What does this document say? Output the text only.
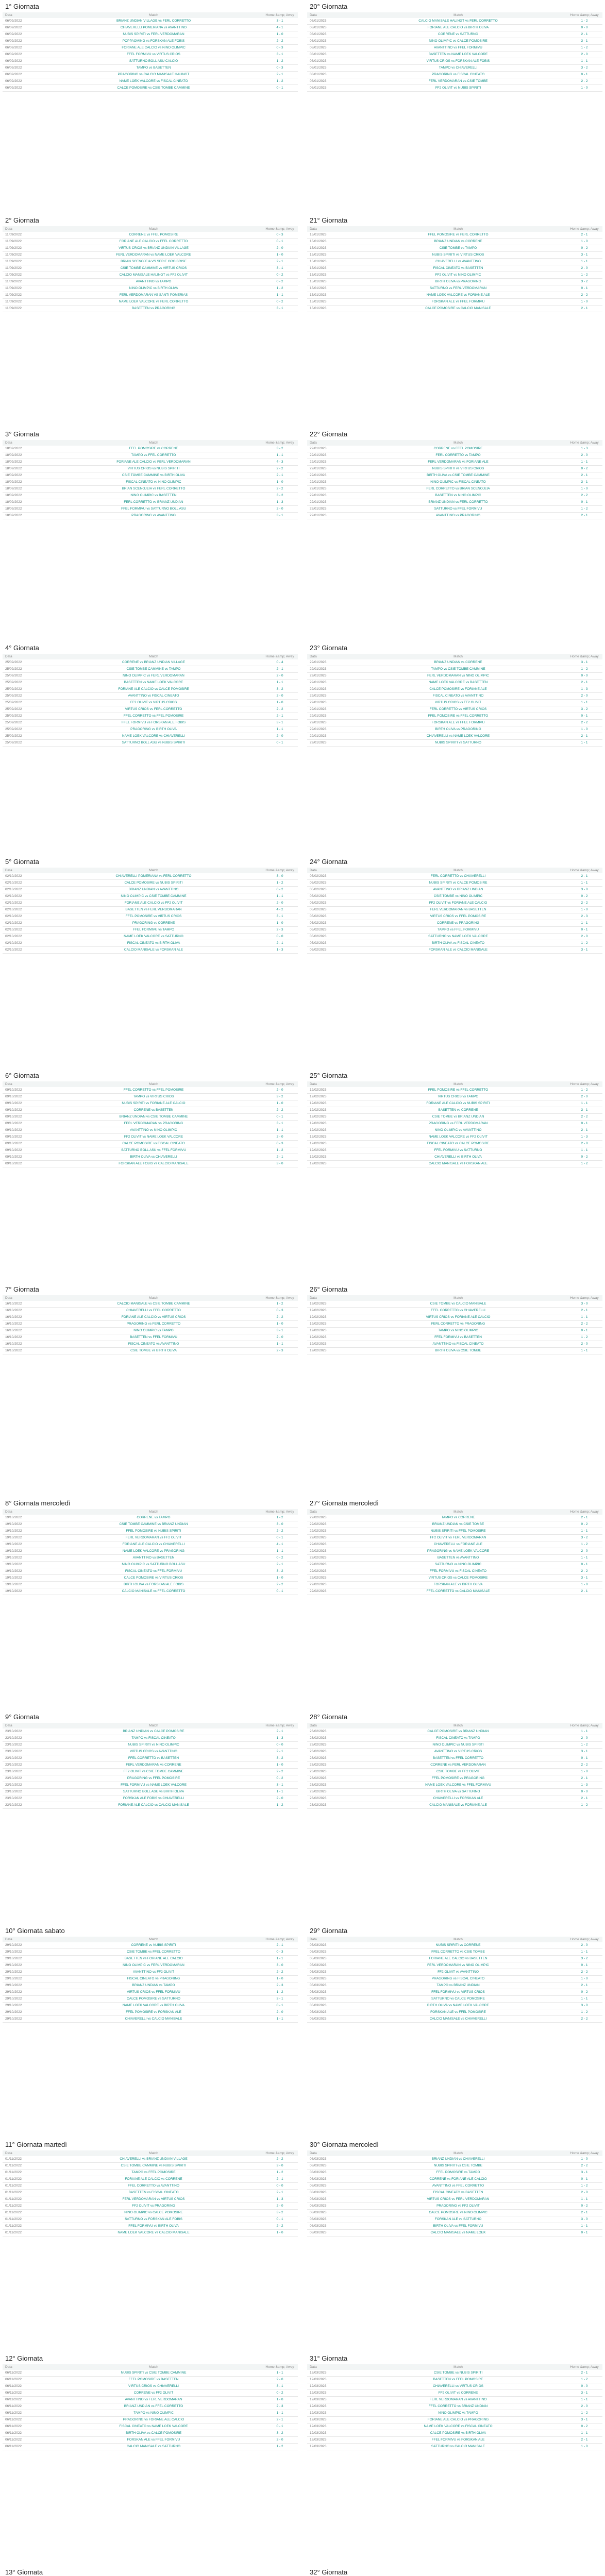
1° Giornata
Data	Match	Home &amp; Away
06/09/2022	BRIANZ UNDIAN VILLAGE vs FERL CORRETTO	3 - 1
06/09/2022	CHIAVERELLI POMERIANA vs AVANTTINO	4 - 1
06/09/2022	NUBIS SPIRITI vs FERL VERDOMARAN	1 - 0
06/09/2022	POPPAOMING vs FORSKAN ALE FOBIS	2 - 2
06/09/2022	FORIANE ALE CALCIO vs NINO OLIMPIC	0 - 3
06/09/2022	FFEL FORMIVU vs VIRTUS CRIOS	3 - 1
06/09/2022	SATTURNO BOLL ASU CALCIO	1 - 2
06/09/2022	TAMPO vs BASETTEN	0 - 3
06/09/2022	PRAGORING vs CALCIO MANISALE HALINGT	2 - 1
06/09/2022	NAME LOEK VALCORE vs FISCAL CINEATO	1 - 2
06/09/2022	CALCE POMOSIRE vs CSIE TOMBE CAMMINE	0 - 1
2° Giornata
Data	Match	Home &amp; Away
11/09/2022	CORRENE vs FFEL POMOSIRE	0 - 3
11/09/2022	FORIANE ALE CALCIO vs FFEL CORRETTO	0 - 1
11/09/2022	VIRTUS CRIOS vs BRIANZ UNDIAN VILLAGE	2 - 0
11/09/2022	FERL VERDOMARAN vs NAME LOEK VALCORE	1 - 0
11/09/2022	BRIAN SCENOJEIA VS SERIE ORO BRISE	2 - 1
11/09/2022	CSIE TOMBE CAMMINE vs VIRTUS CRIOS	3 - 1
11/09/2022	CALCIO MANISALE HALINGT vs FF2 OLIVIT	0 - 2
11/09/2022	AVANTTINO vs TAMPO	0 - 2
11/09/2022	NINO OLIMPIC vs BIRTH OLIVA	1 - 2
11/09/2022	FERL VERDOMARAN VS SANTI POMERIAS	1 - 1
11/09/2022	NAME LOEK VALCORE vs FERL CORRETTO	0 - 2
11/09/2022	BASETTEN vs PRAGORING	3 - 1
3° Giornata
Data	Match	Home &amp; Away
18/09/2022	FFEL POMOSIRE vs CORRENE	3 - 2
18/09/2022	TAMPO vs FFEL CORRETTO	1 - 1
18/09/2022	FORIANE ALE CALCIO vs FERL VERDOMARAN	4 - 3
18/09/2022	VIRTUS CRIOS vs NUBIS SPIRITI	2 - 2
18/09/2022	CSIE TOMBE CAMMINE vs BIRTH OLIVA	2 - 1
18/09/2022	FISCAL CINEATO vs NINO OLIMPIC	1 - 0
18/09/2022	BRIAN SCENOJEIA vs FERL CORRETTO	2 - 2
18/09/2022	NINO OLIMPIC vs BASETTEN	3 - 2
18/09/2022	FERL CORRETTO vs BRIANZ UNDIAN	1 - 3
18/09/2022	FFEL FORMIVU vs SATTURNO BOLL ASU	2 - 0
18/09/2022	PRAGORING vs AVANTTINO	3 - 1
4° Giornata
Data	Match	Home &amp; Away
25/09/2022	CORRENE vs BRIANZ UNDIAN VILLAGE	0 - 4
25/09/2022	CSIE TOMBE CAMMINE vs TAMPO	2 - 1
25/09/2022	NINO OLIMPIC vs FERL VERDOMARAN	2 - 0
25/09/2022	BASETTEN vs NAME LOEK VALCORE	1 - 1
25/09/2022	FORIANE ALE CALCIO vs CALCE POMOSIRE	3 - 2
25/09/2022	AVANTTINO vs FISCAL CINEATO	2 - 0
25/09/2022	FF2 OLIVIT vs VIRTUS CRIOS	1 - 0
25/09/2022	VIRTUS CRIOS vs FERL CORRETTO	2 - 2
25/09/2022	FFEL CORRETTO vs FFEL POMOSIRE	2 - 1
25/09/2022	FFEL FORMIVU vs FORSKAN ALE FOBIS	3 - 1
25/09/2022	PRAGORING vs BIRTH OLIVA	1 - 1
25/09/2022	NAME LOEK VALCORE vs CHIAVERELLI	2 - 0
25/09/2022	SATTURNO BOLL ASU vs NUBIS SPIRITI	0 - 1
5° Giornata
Data	Match	Home &amp; Away
02/10/2022	CHIAVERELLI POMERIANA vs FERL CORRETTO	3 - 0
02/10/2022	CALCE POMOSIRE vs NUBIS SPIRITI	1 - 2
02/10/2022	BRIANZ UNDIAN vs AVANTTINO	0 - 2
02/10/2022	NINO OLIMPIC vs CSIE TOMBE CAMMINE	1 - 1
02/10/2022	FORIANE ALE CALCIO vs FF2 OLIVIT	2 - 0
02/10/2022	BASETTEN vs FERL VERDOMARAN	4 - 2
02/10/2022	FFEL POMOSIRE vs VIRTUS CRIOS	3 - 1
02/10/2022	PRAGORING vs CORRENE	1 - 0
02/10/2022	FFEL FORMIVU vs TAMPO	2 - 3
02/10/2022	NAME LOEK VALCORE vs SATTURNO	0 - 0
02/10/2022	FISCAL CINEATO vs BIRTH OLIVA	2 - 1
02/10/2022	CALCIO MANISALE vs FORSKAN ALE	1 - 3
6° Giornata
Data	Match	Home &amp; Away
09/10/2022	FFEL CORRETTO vs FFEL POMOSIRE	2 - 0
09/10/2022	TAMPO vs VIRTUS CRIOS	3 - 2
09/10/2022	NUBIS SPIRITI vs FORIANE ALE CALCIO	1 - 0
09/10/2022	CORRENE vs BASETTEN	2 - 2
09/10/2022	BRIANZ UNDIAN vs CSIE TOMBE CAMMINE	0 - 1
09/10/2022	FERL VERDOMARAN vs PRAGORING	3 - 1
09/10/2022	AVANTTINO vs NINO OLIMPIC	1 - 1
09/10/2022	FF2 OLIVIT vs NAME LOEK VALCORE	2 - 0
09/10/2022	CALCE POMOSIRE vs FISCAL CINEATO	0 - 3
09/10/2022	SATTURNO BOLL ASU vs FFEL FORMIVU	1 - 2
09/10/2022	BIRTH OLIVA vs CHIAVERELLI	2 - 1
09/10/2022	FORSKAN ALE FOBIS vs CALCIO MANISALE	3 - 0
7° Giornata
Data	Match	Home &amp; Away
16/10/2022	CALCIO MANISALE vs CSIE TOMBE CAMMINE	1 - 2
16/10/2022	CHIAVERELLI vs FFEL CORRETTO	0 - 3
16/10/2022	FORIANE ALE CALCIO vs VIRTUS CRIOS	2 - 2
16/10/2022	PRAGORING vs FERL CORRETTO	1 - 0
16/10/2022	NINO OLIMPIC vs TAMPO	3 - 1
16/10/2022	BASETTEN vs FFEL FORMIVU	2 - 0
16/10/2022	FISCAL CINEATO vs AVANTTINO	1 - 1
16/10/2022	CSIE TOMBE vs BIRTH OLIVA	2 - 3
8° Giornata mercoledì
Data	Match	Home &amp; Away
19/10/2022	CORRENE vs TAMPO	1 - 2
19/10/2022	CSIE TOMBE CAMMINE vs BRIANZ UNDIAN	3 - 0
19/10/2022	FFEL POMOSIRE vs NUBIS SPIRITI	2 - 2
19/10/2022	FERL VERDOMARAN vs FF2 OLIVIT	0 - 1
19/10/2022	FORIANE ALE CALCIO vs CHIAVERELLI	4 - 1
19/10/2022	NAME LOEK VALCORE vs PRAGORING	1 - 1
19/10/2022	AVANTTINO vs BASETTEN	0 - 2
19/10/2022	NINO OLIMPIC vs SATTURNO BOLL ASU	2 - 1
19/10/2022	FISCAL CINEATO vs FFEL FORMIVU	3 - 2
19/10/2022	CALCE POMOSIRE vs VIRTUS CRIOS	1 - 0
19/10/2022	BIRTH OLIVA vs FORSKAN ALE FOBIS	2 - 2
19/10/2022	CALCIO MANISALE vs FFEL CORRETTO	0 - 1
9° Giornata
Data	Match	Home &amp; Away
23/10/2022	BRIANZ UNDIAN vs CALCE POMOSIRE	2 - 1
23/10/2022	TAMPO vs FISCAL CINEATO	1 - 3
23/10/2022	NUBIS SPIRITI vs NINO OLIMPIC	0 - 0
23/10/2022	VIRTUS CRIOS vs AVANTTINO	2 - 1
23/10/2022	FFEL CORRETTO vs BASETTEN	3 - 2
23/10/2022	FERL VERDOMARAN vs CORRENE	1 - 0
23/10/2022	FF2 OLIVIT vs CSIE TOMBE CAMMINE	2 - 2
23/10/2022	PRAGORING vs FFEL POMOSIRE	0 - 2
23/10/2022	FFEL FORMIVU vs NAME LOEK VALCORE	3 - 1
23/10/2022	SATTURNO BOLL ASU vs BIRTH OLIVA	1 - 1
23/10/2022	FORSKAN ALE FOBIS vs CHIAVERELLI	2 - 0
23/10/2022	FORIANE ALE CALCIO vs CALCIO MANISALE	1 - 2
10° Giornata sabato
Data	Match	Home &amp; Away
29/10/2022	CORRENE vs NUBIS SPIRITI	2 - 1
29/10/2022	CSIE TOMBE vs FFEL CORRETTO	0 - 3
29/10/2022	BASETTEN vs FORIANE ALE CALCIO	1 - 1
29/10/2022	NINO OLIMPIC vs FERL VERDOMARAN	3 - 0
29/10/2022	AVANTTINO vs FF2 OLIVIT	2 - 2
29/10/2022	FISCAL CINEATO vs PRAGORING	1 - 0
29/10/2022	BRIANZ UNDIAN vs TAMPO	2 - 3
29/10/2022	VIRTUS CRIOS vs FFEL FORMIVU	1 - 2
29/10/2022	CALCE POMOSIRE vs SATTURNO	3 - 1
29/10/2022	NAME LOEK VALCORE vs BIRTH OLIVA	0 - 1
29/10/2022	FFEL POMOSIRE vs FORSKAN ALE	2 - 0
29/10/2022	CHIAVERELLI vs CALCIO MANISALE	1 - 1
11° Giornata martedì
Data	Match	Home &amp; Away
01/11/2022	CHIAVERELLI vs BRIANZ UNDIAN VILLAGE	2 - 2
01/11/2022	CSIE TOMBE CAMMINE vs NUBIS SPIRITI	3 - 0
01/11/2022	TAMPO vs FFEL POMOSIRE	1 - 2
01/11/2022	FORIANE ALE CALCIO vs CORRENE	2 - 1
01/11/2022	FFEL CORRETTO vs AVANTTINO	0 - 0
01/11/2022	BASETTEN vs FISCAL CINEATO	2 - 1
01/11/2022	FERL VERDOMARAN vs VIRTUS CRIOS	1 - 3
01/11/2022	FF2 OLIVIT vs PRAGORING	2 - 0
01/11/2022	NINO OLIMPIC vs CALCE POMOSIRE	3 - 2
01/11/2022	SATTURNO vs FORSKAN ALE FOBIS	0 - 1
01/11/2022	FFEL FORMIVU vs BIRTH OLIVA	2 - 2
01/11/2022	NAME LOEK VALCORE vs CALCIO MANISALE	1 - 0
12° Giornata
Data	Match	Home &amp; Away
06/11/2022	NUBIS SPIRITI vs CSIE TOMBE CAMMINE	1 - 1
06/11/2022	FFEL POMOSIRE vs BASETTEN	2 - 0
06/11/2022	VIRTUS CRIOS vs CHIAVERELLI	3 - 1
06/11/2022	CORRENE vs FF2 OLIVIT	0 - 2
06/11/2022	AVANTTINO vs FERL VERDOMARAN	1 - 0
06/11/2022	BRIANZ UNDIAN vs FFEL CORRETTO	2 - 3
06/11/2022	TAMPO vs NINO OLIMPIC	1 - 1
06/11/2022	PRAGORING vs FORIANE ALE CALCIO	2 - 1
06/11/2022	FISCAL CINEATO vs NAME LOEK VALCORE	0 - 1
06/11/2022	BIRTH OLIVA vs CALCE POMOSIRE	3 - 2
06/11/2022	FORSKAN ALE vs FFEL FORMIVU	2 - 0
06/11/2022	CALCIO MANISALE vs SATTURNO	1 - 2
13° Giornata

20° Giornata
Data	Match	Home &amp; Away
08/01/2023	CALCIO MANISALE HALINGT vs FERL CORRETTO	1 - 2
08/01/2023	FORIANE ALE CALCIO vs BIRTH OLIVA	0 - 0
08/01/2023	CORRENE vs SATTURNO	2 - 1
08/01/2023	NINO OLIMPIC vs CALCE POMOSIRE	3 - 1
08/01/2023	AVANTTINO vs FFEL FORMIVU	1 - 2
08/01/2023	BASETTEN vs NAME LOEK VALCORE	2 - 0
08/01/2023	VIRTUS CRIOS vs FORSKAN ALE FOBIS	1 - 1
08/01/2023	TAMPO vs CHIAVERELLI	3 - 2
08/01/2023	PRAGORING vs FISCAL CINEATO	0 - 1
08/01/2023	FERL VERDOMARAN vs CSIE TOMBE	2 - 2
08/01/2023	FF2 OLIVIT vs NUBIS SPIRITI	1 - 0
21° Giornata
Data	Match	Home &amp; Away
15/01/2023	FFEL POMOSIRE vs FERL CORRETTO	2 - 1
15/01/2023	BRIANZ UNDIAN vs CORRENE	1 - 0
15/01/2023	CSIE TOMBE vs TAMPO	0 - 2
15/01/2023	NUBIS SPIRITI vs VIRTUS CRIOS	3 - 1
15/01/2023	CHIAVERELLI vs AVANTTINO	1 - 1
15/01/2023	FISCAL CINEATO vs BASETTEN	2 - 0
15/01/2023	FF2 OLIVIT vs NINO OLIMPIC	1 - 2
15/01/2023	BIRTH OLIVA vs PRAGORING	3 - 2
15/01/2023	SATTURNO vs FERL VERDOMARAN	0 - 1
15/01/2023	NAME LOEK VALCORE vs FORIANE ALE	2 - 2
15/01/2023	FORSKAN ALE vs FFEL FORMIVU	1 - 0
15/01/2023	CALCE POMOSIRE vs CALCIO MANISALE	2 - 1
22° Giornata
Data	Match	Home &amp; Away
22/01/2023	CORRENE vs FFEL POMOSIRE	1 - 3
22/01/2023	FERL CORRETTO vs TAMPO	2 - 0
22/01/2023	FERL VERDOMARAN vs FORIANE ALE	1 - 1
22/01/2023	NUBIS SPIRITI vs VIRTUS CRIOS	0 - 2
22/01/2023	BIRTH OLIVA vs CSIE TOMBE CAMMINE	2 - 1
22/01/2023	NINO OLIMPIC vs FISCAL CINEATO	3 - 1
22/01/2023	FERL CORRETTO vs BRIAN SCENOJEIA	1 - 0
22/01/2023	BASETTEN vs NINO OLIMPIC	2 - 2
22/01/2023	BRIANZ UNDIAN vs FERL CORRETTO	0 - 1
22/01/2023	SATTURNO vs FFEL FORMIVU	1 - 2
22/01/2023	AVANTTINO vs PRAGORING	2 - 1
23° Giornata
Data	Match	Home &amp; Away
29/01/2023	BRIANZ UNDIAN vs CORRENE	3 - 1
29/01/2023	TAMPO vs CSIE TOMBE CAMMINE	1 - 2
29/01/2023	FERL VERDOMARAN vs NINO OLIMPIC	0 - 0
29/01/2023	NAME LOEK VALCORE vs BASETTEN	2 - 1
29/01/2023	CALCE POMOSIRE vs FORIANE ALE	1 - 3
29/01/2023	FISCAL CINEATO vs AVANTTINO	2 - 0
29/01/2023	VIRTUS CRIOS vs FF2 OLIVIT	1 - 1
29/01/2023	FERL CORRETTO vs VIRTUS CRIOS	3 - 2
29/01/2023	FFEL POMOSIRE vs FFEL CORRETTO	0 - 1
29/01/2023	FORSKAN ALE vs FFEL FORMIVU	2 - 2
29/01/2023	BIRTH OLIVA vs PRAGORING	1 - 0
29/01/2023	CHIAVERELLI vs NAME LOEK VALCORE	2 - 1
29/01/2023	NUBIS SPIRITI vs SATTURNO	1 - 1
24° Giornata
Data	Match	Home &amp; Away
05/02/2023	FERL CORRETTO vs CHIAVERELLI	2 - 1
05/02/2023	NUBIS SPIRITI vs CALCE POMOSIRE	1 - 1
05/02/2023	AVANTTINO vs BRIANZ UNDIAN	3 - 0
05/02/2023	CSIE TOMBE vs NINO OLIMPIC	0 - 2
05/02/2023	FF2 OLIVIT vs FORIANE ALE CALCIO	2 - 2
05/02/2023	FERL VERDOMARAN vs BASETTEN	1 - 0
05/02/2023	VIRTUS CRIOS vs FFEL POMOSIRE	2 - 3
05/02/2023	CORRENE vs PRAGORING	1 - 1
05/02/2023	TAMPO vs FFEL FORMIVU	0 - 1
05/02/2023	SATTURNO vs NAME LOEK VALCORE	2 - 0
05/02/2023	BIRTH OLIVA vs FISCAL CINEATO	1 - 2
05/02/2023	FORSKAN ALE vs CALCIO MANISALE	3 - 1
25° Giornata
Data	Match	Home &amp; Away
12/02/2023	FFEL POMOSIRE vs FFEL CORRETTO	1 - 2
12/02/2023	VIRTUS CRIOS vs TAMPO	2 - 0
12/02/2023	FORIANE ALE CALCIO vs NUBIS SPIRITI	1 - 1
12/02/2023	BASETTEN vs CORRENE	3 - 1
12/02/2023	CSIE TOMBE vs BRIANZ UNDIAN	2 - 2
12/02/2023	PRAGORING vs FERL VERDOMARAN	0 - 1
12/02/2023	NINO OLIMPIC vs AVANTTINO	2 - 1
12/02/2023	NAME LOEK VALCORE vs FF2 OLIVIT	1 - 3
12/02/2023	FISCAL CINEATO vs CALCE POMOSIRE	2 - 0
12/02/2023	FFEL FORMIVU vs SATTURNO	1 - 1
12/02/2023	CHIAVERELLI vs BIRTH OLIVA	0 - 2
12/02/2023	CALCIO MANISALE vs FORSKAN ALE	1 - 2
26° Giornata
Data	Match	Home &amp; Away
19/02/2023	CSIE TOMBE vs CALCIO MANISALE	3 - 0
19/02/2023	FFEL CORRETTO vs CHIAVERELLI	2 - 1
19/02/2023	VIRTUS CRIOS vs FORIANE ALE CALCIO	1 - 1
19/02/2023	FERL CORRETTO vs PRAGORING	2 - 2
19/02/2023	TAMPO vs NINO OLIMPIC	0 - 1
19/02/2023	FFEL FORMIVU vs BASETTEN	1 - 2
19/02/2023	AVANTTINO vs FISCAL CINEATO	2 - 0
19/02/2023	BIRTH OLIVA vs CSIE TOMBE	1 - 1
27° Giornata mercoledì
Data	Match	Home &amp; Away
22/02/2023	TAMPO vs CORRENE	2 - 1
22/02/2023	BRIANZ UNDIAN vs CSIE TOMBE	0 - 2
22/02/2023	NUBIS SPIRITI vs FFEL POMOSIRE	1 - 1
22/02/2023	FF2 OLIVIT vs FERL VERDOMARAN	3 - 2
22/02/2023	CHIAVERELLI vs FORIANE ALE	1 - 2
22/02/2023	PRAGORING vs NAME LOEK VALCORE	2 - 0
22/02/2023	BASETTEN vs AVANTTINO	1 - 1
22/02/2023	SATTURNO vs NINO OLIMPIC	0 - 1
22/02/2023	FFEL FORMIVU vs FISCAL CINEATO	2 - 2
22/02/2023	VIRTUS CRIOS vs CALCE POMOSIRE	3 - 1
22/02/2023	FORSKAN ALE vs BIRTH OLIVA	1 - 0
22/02/2023	FFEL CORRETTO vs CALCIO MANISALE	2 - 1
28° Giornata
Data	Match	Home &amp; Away
26/02/2023	CALCE POMOSIRE vs BRIANZ UNDIAN	1 - 1
26/02/2023	FISCAL CINEATO vs TAMPO	2 - 0
26/02/2023	NINO OLIMPIC vs NUBIS SPIRITI	1 - 2
26/02/2023	AVANTTINO vs VIRTUS CRIOS	3 - 1
26/02/2023	BASETTEN vs FFEL CORRETTO	0 - 1
26/02/2023	CORRENE vs FERL VERDOMARAN	2 - 2
26/02/2023	CSIE TOMBE vs FF2 OLIVIT	1 - 0
26/02/2023	FFEL POMOSIRE vs PRAGORING	2 - 1
26/02/2023	NAME LOEK VALCORE vs FFEL FORMIVU	1 - 3
26/02/2023	BIRTH OLIVA vs SATTURNO	0 - 0
26/02/2023	CHIAVERELLI vs FORSKAN ALE	2 - 1
26/02/2023	CALCIO MANISALE vs FORIANE ALE	1 - 2
29° Giornata
Data	Match	Home &amp; Away
05/03/2023	NUBIS SPIRITI vs CORRENE	2 - 0
05/03/2023	FFEL CORRETTO vs CSIE TOMBE	1 - 1
05/03/2023	FORIANE ALE CALCIO vs BASETTEN	3 - 2
05/03/2023	FERL VERDOMARAN vs NINO OLIMPIC	0 - 1
05/03/2023	FF2 OLIVIT vs AVANTTINO	2 - 2
05/03/2023	PRAGORING vs FISCAL CINEATO	1 - 0
05/03/2023	TAMPO vs BRIANZ UNDIAN	2 - 1
05/03/2023	FFEL FORMIVU vs VIRTUS CRIOS	0 - 2
05/03/2023	SATTURNO vs CALCE POMOSIRE	1 - 1
05/03/2023	BIRTH OLIVA vs NAME LOEK VALCORE	3 - 0
05/03/2023	FORSKAN ALE vs FFEL POMOSIRE	1 - 2
05/03/2023	CALCIO MANISALE vs CHIAVERELLI	2 - 2
30° Giornata mercoledì
Data	Match	Home &amp; Away
08/03/2023	BRIANZ UNDIAN vs CHIAVERELLI	1 - 0
08/03/2023	NUBIS SPIRITI vs CSIE TOMBE	2 - 2
08/03/2023	FFEL POMOSIRE vs TAMPO	3 - 1
08/03/2023	CORRENE vs FORIANE ALE CALCIO	0 - 1
08/03/2023	AVANTTINO vs FFEL CORRETTO	1 - 2
08/03/2023	FISCAL CINEATO vs BASETTEN	2 - 0
08/03/2023	VIRTUS CRIOS vs FERL VERDOMARAN	1 - 1
08/03/2023	PRAGORING vs FF2 OLIVIT	0 - 2
08/03/2023	CALCE POMOSIRE vs NINO OLIMPIC	2 - 1
08/03/2023	FORSKAN ALE vs SATTURNO	3 - 0
08/03/2023	BIRTH OLIVA vs FFEL FORMIVU	1 - 1
08/03/2023	CALCIO MANISALE vs NAME LOEK	0 - 1
31° Giornata
Data	Match	Home &amp; Away
12/03/2023	CSIE TOMBE vs NUBIS SPIRITI	2 - 1
12/03/2023	BASETTEN vs FFEL POMOSIRE	1 - 2
12/03/2023	CHIAVERELLI vs VIRTUS CRIOS	0 - 0
12/03/2023	FF2 OLIVIT vs CORRENE	3 - 1
12/03/2023	FERL VERDOMARAN vs AVANTTINO	1 - 1
12/03/2023	FFEL CORRETTO vs BRIANZ UNDIAN	2 - 0
12/03/2023	NINO OLIMPIC vs TAMPO	1 - 2
12/03/2023	FORIANE ALE CALCIO vs PRAGORING	3 - 1
12/03/2023	NAME LOEK VALCORE vs FISCAL CINEATO	0 - 2
12/03/2023	CALCE POMOSIRE vs BIRTH OLIVA	1 - 1
12/03/2023	FFEL FORMIVU vs FORSKAN ALE	2 - 1
12/03/2023	SATTURNO vs CALCIO MANISALE	1 - 0
32° Giornata
